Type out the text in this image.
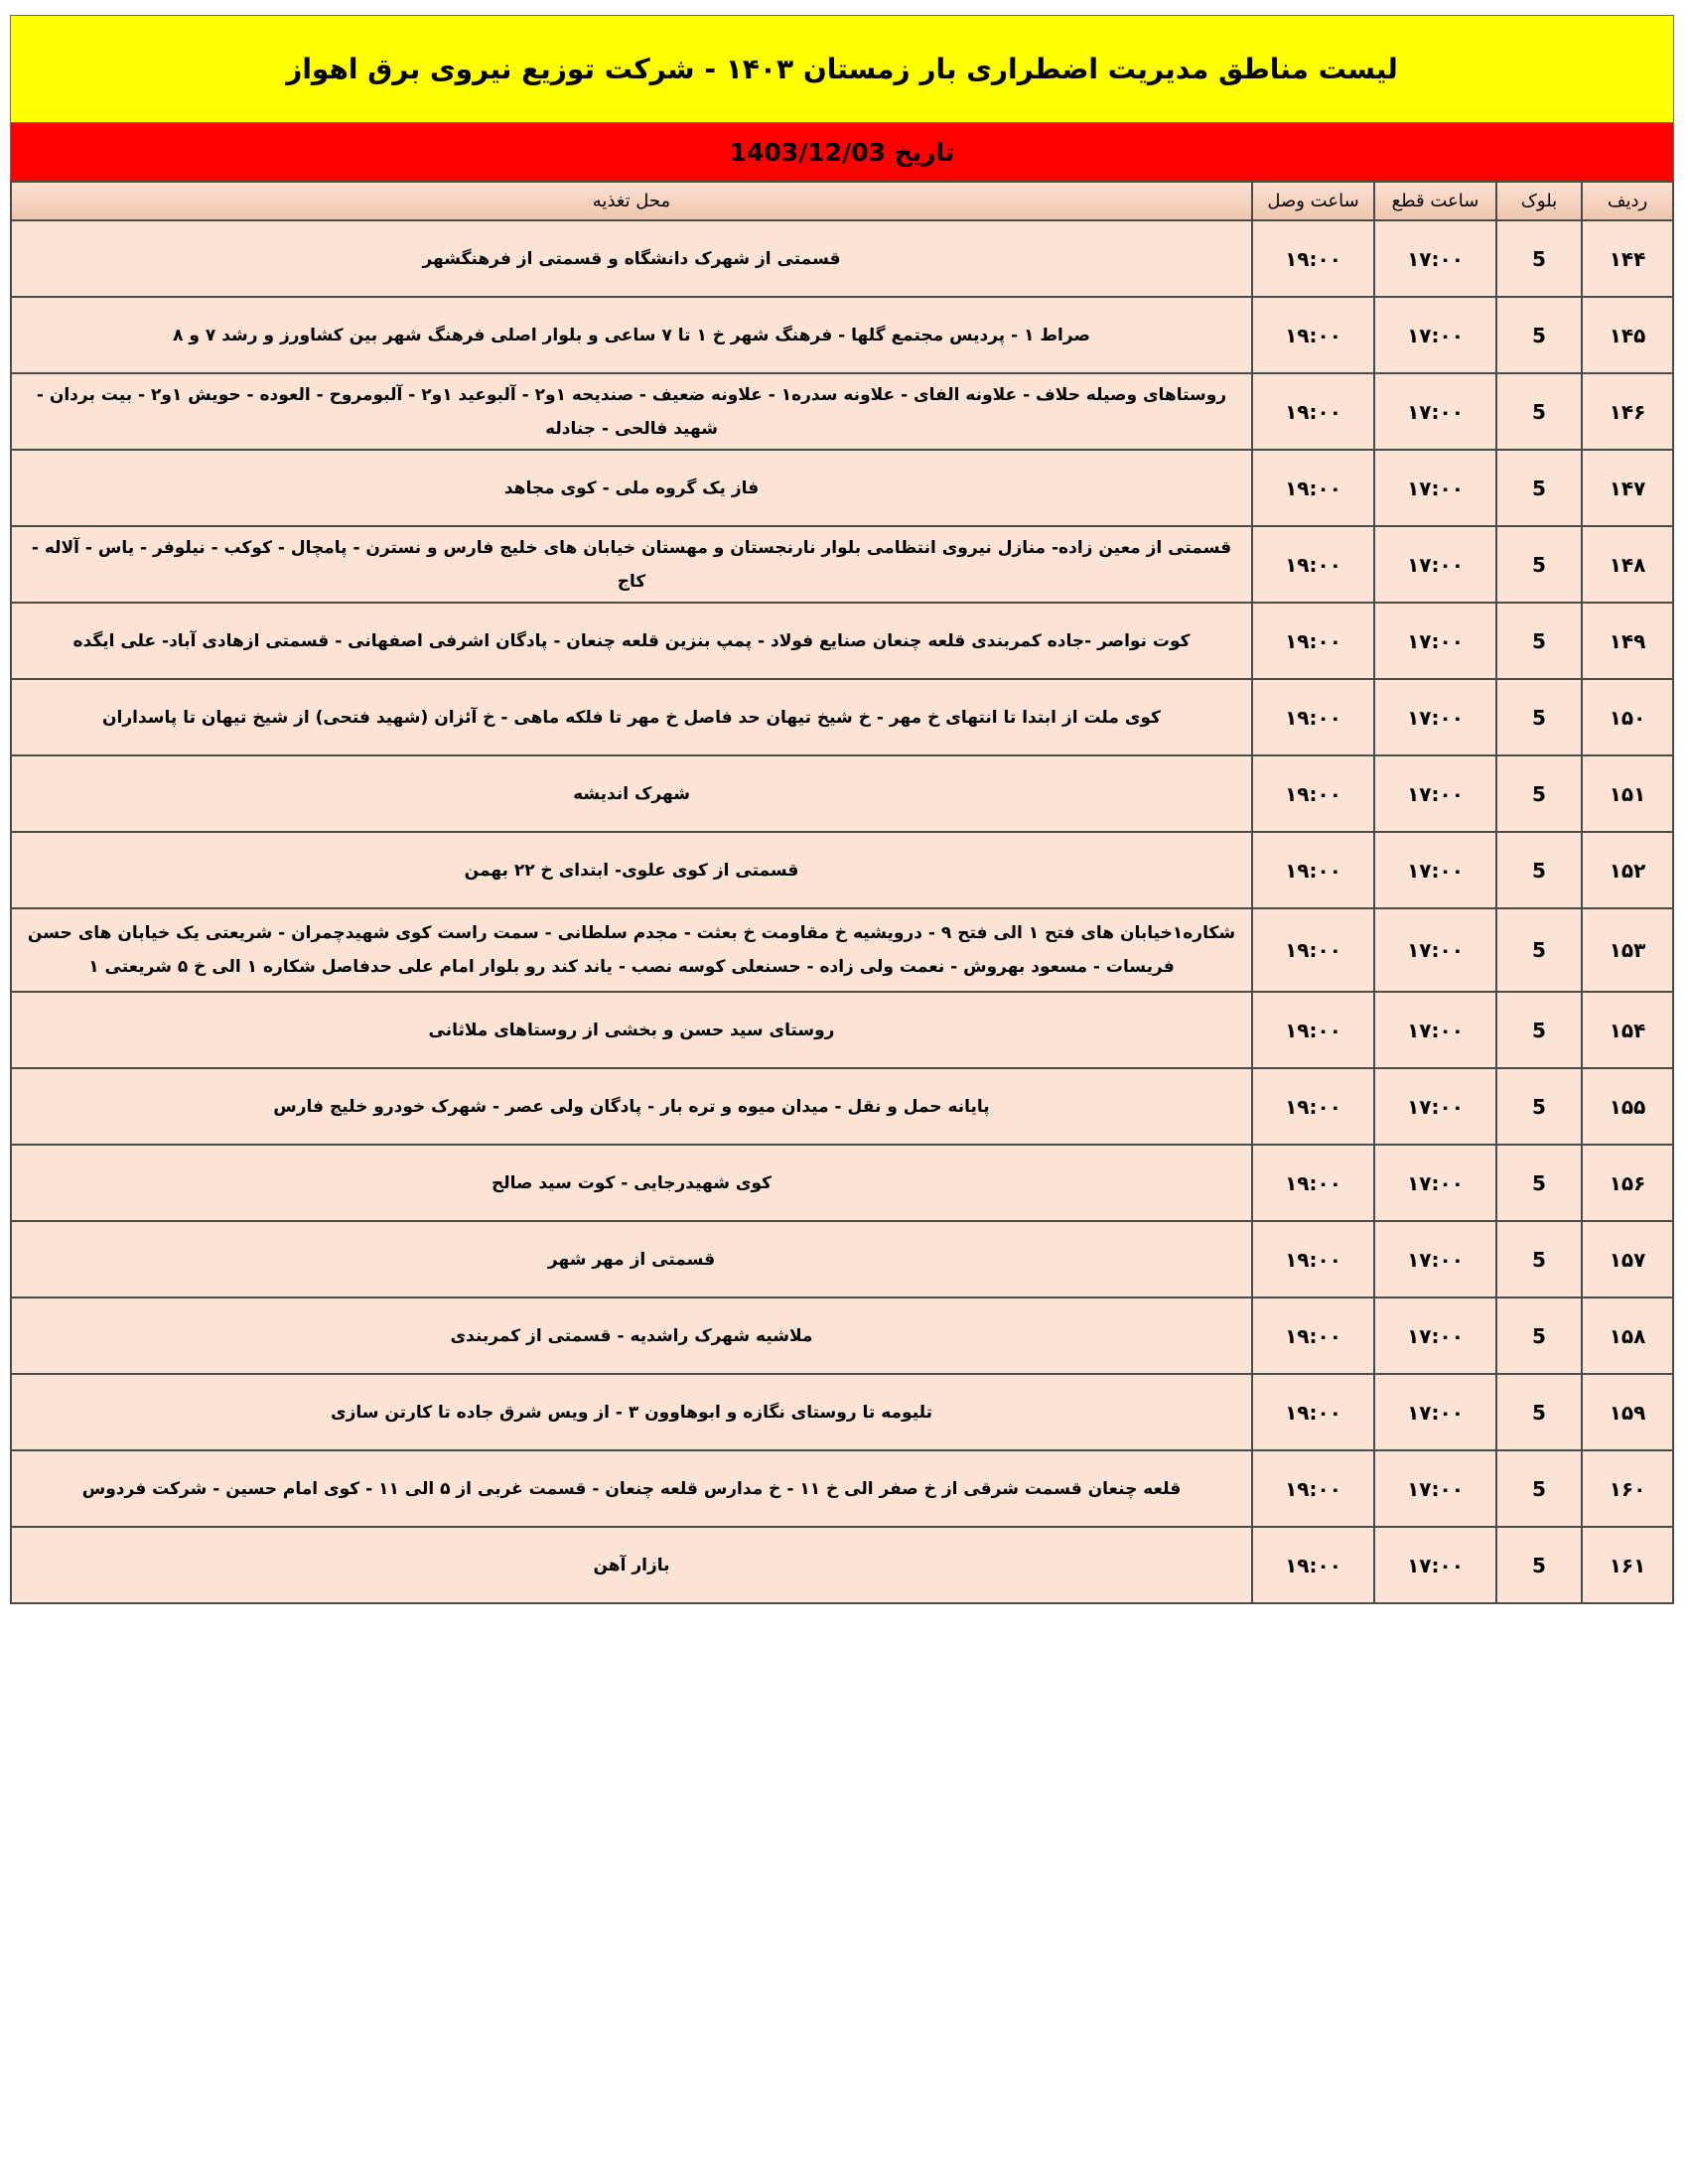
لیست مناطق مدیریت اضطراری بار زمستان ۱۴۰۳ - شرکت توزیع نیروی برق اهواز
تاریخ 1403/12/03
ردیف	بلوک	ساعت قطع	ساعت وصل	محل تغذیه
۱۴۴	5	۱۷:۰۰	۱۹:۰۰	قسمتی از شهرک دانشگاه و قسمتی از فرهنگشهر
۱۴۵	5	۱۷:۰۰	۱۹:۰۰	صراط ۱ - پردیس مجتمع گلها - فرهنگ شهر خ ۱ تا ۷ ساعی و بلوار اصلی فرهنگ شهر بین کشاورز و رشد ۷ و ۸
۱۴۶	5	۱۷:۰۰	۱۹:۰۰	روستاهای وصیله حلاف - علاونه الفای - علاونه سدره۱ - علاونه ضعیف - صندیحه ۱و۲ - آلبوعید ۱و۲ - آلبومروح - العوده - حویش ۱و۲ - بیت بردان - شهید فالحی - جنادله
۱۴۷	5	۱۷:۰۰	۱۹:۰۰	فاز یک گروه ملی - کوی مجاهد
۱۴۸	5	۱۷:۰۰	۱۹:۰۰	قسمتی از معین زاده- منازل نیروی انتظامی بلوار نارنجستان و مهستان خیابان های خلیج فارس و نسترن - پامچال - کوکب - نیلوفر - یاس - آلاله - کاج
۱۴۹	5	۱۷:۰۰	۱۹:۰۰	کوت نواصر -جاده کمربندی قلعه چنعان صنایع فولاد - پمپ بنزین قلعه چنعان - پادگان اشرفی اصفهانی - قسمتی ازهادی آباد- علی ایگده
۱۵۰	5	۱۷:۰۰	۱۹:۰۰	کوی ملت از ابتدا تا انتهای خ مهر - خ شیخ تیهان حد فاصل خ مهر تا فلکه ماهی - خ آئزان (شهید فتحی) از شیخ تیهان تا پاسداران
۱۵۱	5	۱۷:۰۰	۱۹:۰۰	شهرک اندیشه
۱۵۲	5	۱۷:۰۰	۱۹:۰۰	قسمتی از کوی علوی- ابتدای خ ۲۲ بهمن
۱۵۳	5	۱۷:۰۰	۱۹:۰۰	شکاره۱خیابان های فتح ۱ الی فتح ۹ - درویشیه خ مقاومت خ بعثت - مجدم سلطانی - سمت راست کوی شهیدچمران - شریعتی یک خیابان های حسن فریسات - مسعود بهروش - نعمت ولی زاده - حسنعلی کوسه نصب - یاند کند رو بلوار امام علی حدفاصل شکاره ۱ الی خ ۵ شریعتی ۱
۱۵۴	5	۱۷:۰۰	۱۹:۰۰	روستای سید حسن و بخشی از روستاهای ملاثانی
۱۵۵	5	۱۷:۰۰	۱۹:۰۰	پایانه حمل و نقل - میدان میوه و تره بار - پادگان ولی عصر - شهرک خودرو خلیج فارس
۱۵۶	5	۱۷:۰۰	۱۹:۰۰	کوی شهیدرجایی - کوت سید صالح
۱۵۷	5	۱۷:۰۰	۱۹:۰۰	قسمتی از مهر شهر
۱۵۸	5	۱۷:۰۰	۱۹:۰۰	ملاشیه شهرک راشدیه - قسمتی از کمربندی
۱۵۹	5	۱۷:۰۰	۱۹:۰۰	تلیومه تا روستای نگازه و ابوهاوون ۳ - از ویس شرق جاده تا کارتن سازی
۱۶۰	5	۱۷:۰۰	۱۹:۰۰	قلعه چنعان قسمت شرقی از خ صفر الی خ ۱۱ - خ مدارس قلعه چنعان - قسمت غربی از ۵ الی ۱۱ - کوی امام حسین - شرکت فردوس
۱۶۱	5	۱۷:۰۰	۱۹:۰۰	بازار آهن
